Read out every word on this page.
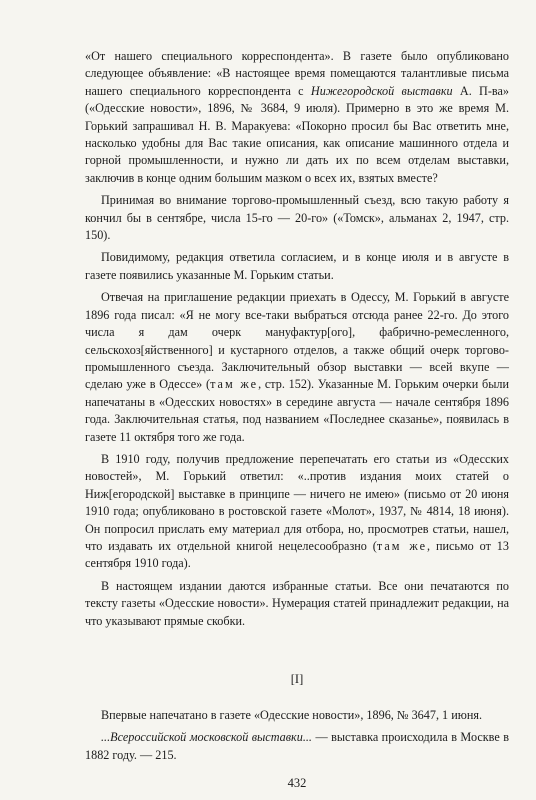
«От нашего специального корреспондента». В газете было опубликовано следующее объявление: «В настоящее время помещаются талантливые письма нашего специального корреспондента с Нижегородской выставки А. П-ва» («Одесские новости», 1896, № 3684, 9 июля). Примерно в это же время М. Горький запрашивал Н. В. Маракуева: «Покорно просил бы Вас ответить мне, насколько удобны для Вас такие описания, как описание машинного отдела и горной промышленности, и нужно ли дать их по всем отделам выставки, заключив в конце одним большим мазком о всех их, взятых вместе?

Принимая во внимание торгово-промышленный съезд, всю такую работу я кончил бы в сентябре, числа 15-го — 20-го» («Томск», альманах 2, 1947, стр. 150).

Повидимому, редакция ответила согласием, и в конце июля и в августе в газете появились указанные М. Горьким статьи.

Отвечая на приглашение редакции приехать в Одессу, М. Горький в августе 1896 года писал: «Я не могу все-таки выбраться отсюда ранее 22-го. До этого числа я дам очерк мануфактур[ого], фабрично-ремесленного, сельскохоз[яйственного] и кустарного отделов, а также общий очерк торгово-промышленного съезда. Заключительный обзор выставки — всей вкупе — сделаю уже в Одессе» (там же, стр. 152). Указанные М. Горьким очерки были напечатаны в «Одесских новостях» в середине августа — начале сентября 1896 года. Заключительная статья, под названием «Последнее сказанье», появилась в газете 11 октября того же года.

В 1910 году, получив предложение перепечатать его статьи из «Одесских новостей», М. Горький ответил: «..против издания моих статей о Ниж[егородской] выставке в принципе — ничего не имею» (письмо от 20 июня 1910 года; опубликовано в ростовской газете «Молот», 1937, № 4814, 18 июня). Он попросил прислать ему материал для отбора, но, просмотрев статьи, нашел, что издавать их отдельной книгой нецелесообразно (там же, письмо от 13 сентября 1910 года).

В настоящем издании даются избранные статьи. Все они печатаются по тексту газеты «Одесские новости». Нумерация статей принадлежит редакции, на что указывают прямые скобки.

[I]

Впервые напечатано в газете «Одесские новости», 1896, № 3647, 1 июня.

...Всероссийской московской выставки... — выставка происходила в Москве в 1882 году. — 215.

432
